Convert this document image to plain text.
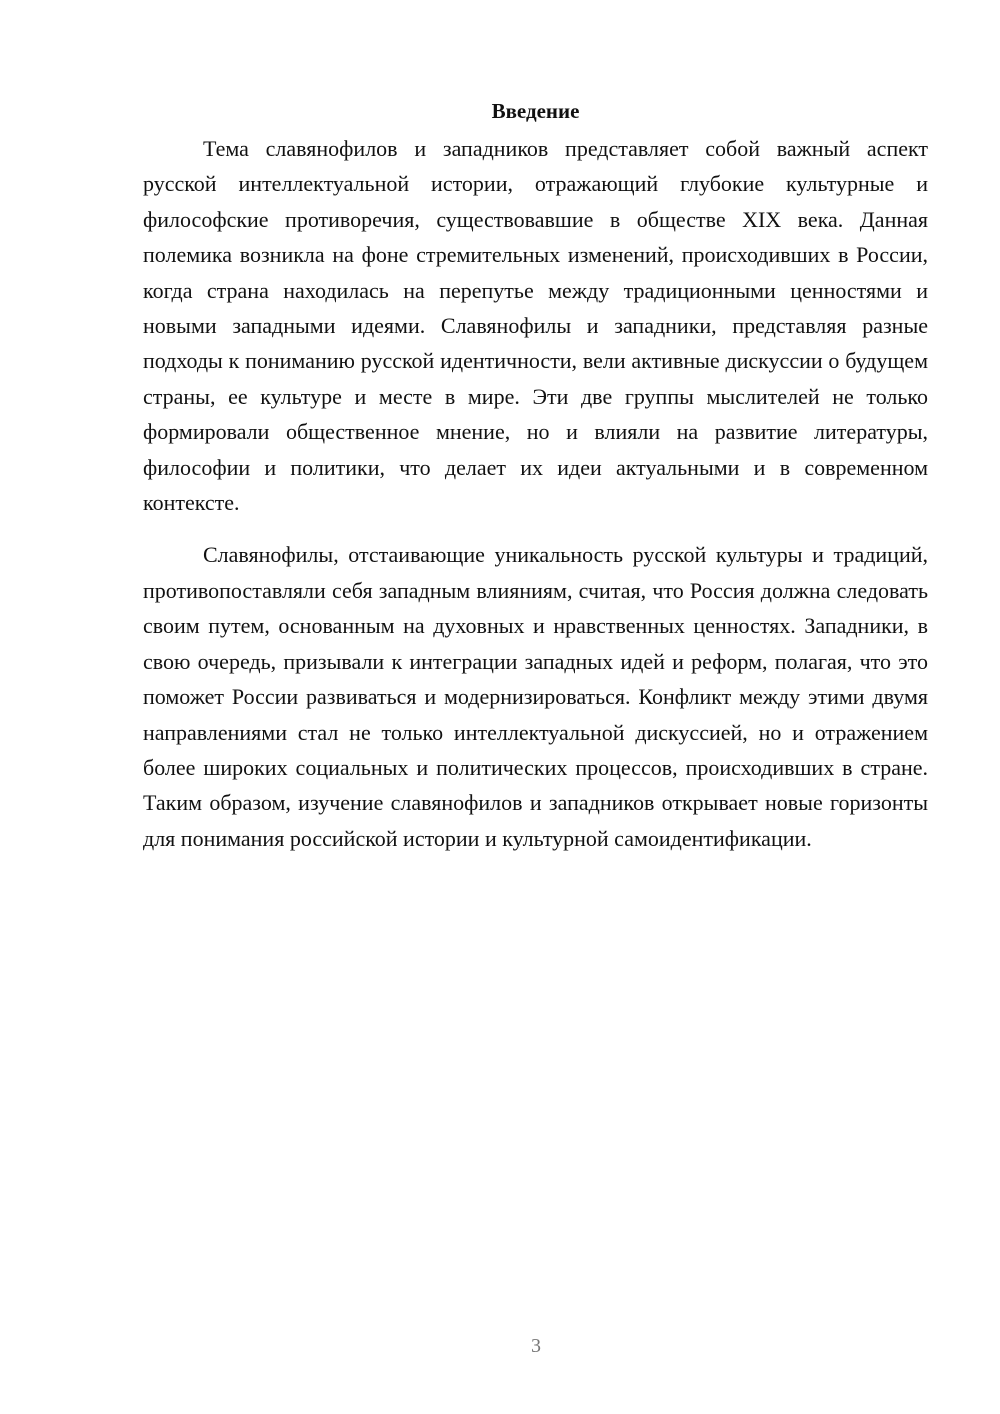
Введение

Тема славянофилов и западников представляет собой важный аспект русской интеллектуальной истории, отражающий глубокие культурные и философские противоречия, существовавшие в обществе XIX века. Данная полемика возникла на фоне стремительных изменений, происходивших в России, когда страна находилась на перепутье между традиционными ценностями и новыми западными идеями. Славянофилы и западники, представляя разные подходы к пониманию русской идентичности, вели активные дискуссии о будущем страны, ее культуре и месте в мире. Эти две группы мыслителей не только формировали общественное мнение, но и влияли на развитие литературы, философии и политики, что делает их идеи актуальными и в современном контексте.

Славянофилы, отстаивающие уникальность русской культуры и традиций, противопоставляли себя западным влияниям, считая, что Россия должна следовать своим путем, основанным на духовных и нравственных ценностях. Западники, в свою очередь, призывали к интеграции западных идей и реформ, полагая, что это поможет России развиваться и модернизироваться. Конфликт между этими двумя направлениями стал не только интеллектуальной дискуссией, но и отражением более широких социальных и политических процессов, происходивших в стране. Таким образом, изучение славянофилов и западников открывает новые горизонты для понимания российской истории и культурной самоидентификации.

3
